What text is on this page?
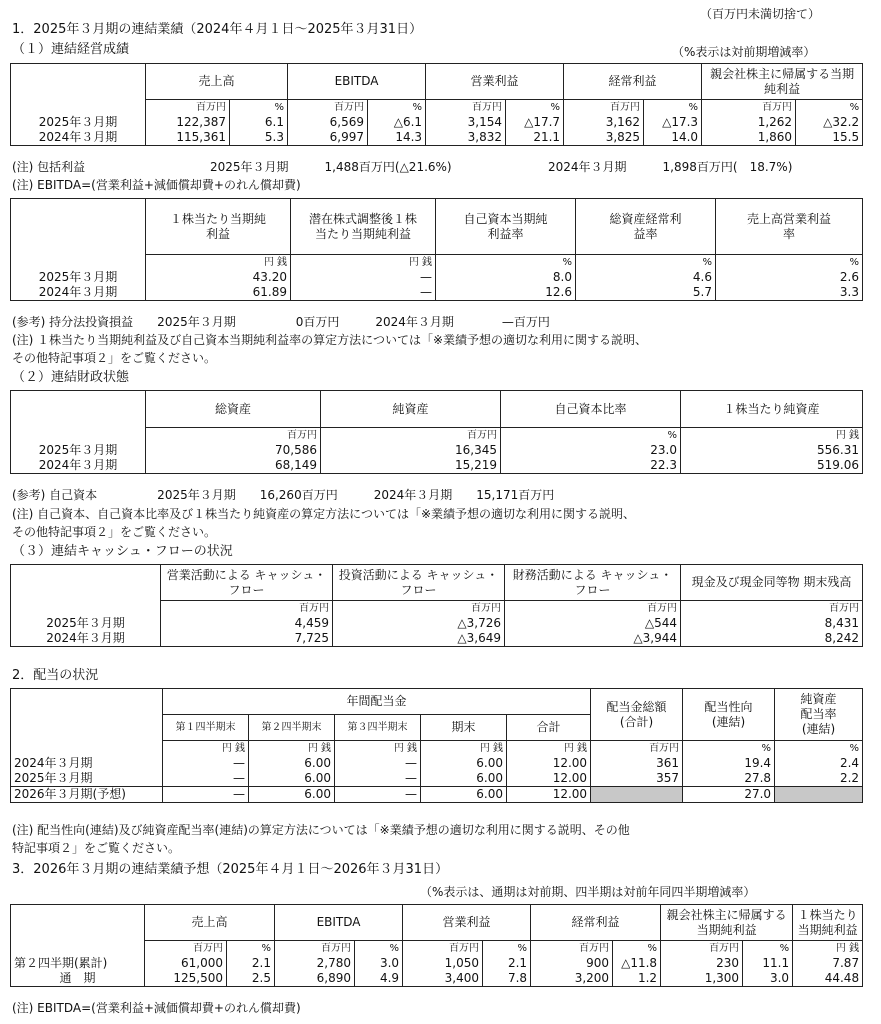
（百万円未満切捨て）
1．2025年３月期の連結業績（2024年４月１日～2025年３月31日）
（１）連結経営成績	（%表示は対前期増減率）
	売上高		EBITDA		営業利益		経常利益		親会社株主に帰属する当期純利益	
	百万円	%	百万円	%	百万円	%	百万円	%	百万円	%
2025年３月期	122,387	6.1	6,569	△6.1	3,154	△17.7	3,162	△17.3	1,262	△32.2
2024年３月期	115,361	5.3	6,997	14.3	3,832	21.1	3,825	14.0	1,860	15.5
(注) 包括利益	2025年３月期　　　1,488百万円(△21.6%)	2024年３月期　　　1,898百万円(　18.7%)
(注) EBITDA=(営業利益+減価償却費+のれん償却費)
	１株当たり当期純利益	潜在株式調整後１株当たり当期純利益	自己資本当期純利益率	総資産経常利益率	売上高営業利益率
	円 銭	円 銭	%	%	%
2025年３月期	43.20	—	8.0	4.6	2.6
2024年３月期	61.89	—	12.6	5.7	3.3
(参考) 持分法投資損益　　2025年３月期　　　　　0百万円　　　2024年３月期　　　　—百万円
(注) １株当たり当期純利益及び自己資本当期純利益率の算定方法については「※業績予想の適切な利用に関する説明、
その他特記事項２」をご覧ください。
（２）連結財政状態
	総資産	純資産	自己資本比率	１株当たり純資産
	百万円	百万円	%	円 銭
2025年３月期	70,586	16,345	23.0	556.31
2024年３月期	68,149	15,219	22.3	519.06
(参考) 自己資本　　　　　2025年３月期　　16,260百万円　　　2024年３月期　　15,171百万円
(注) 自己資本、自己資本比率及び１株当たり純資産の算定方法については「※業績予想の適切な利用に関する説明、
その他特記事項２」をご覧ください。
（３）連結キャッシュ・フローの状況
	営業活動による キャッシュ・フロー	投資活動による キャッシュ・フロー	財務活動による キャッシュ・フロー	現金及び現金同等物 期末残高
	百万円	百万円	百万円	百万円
2025年３月期	4,459	△3,726	△544	8,431
2024年３月期	7,725	△3,649	△3,944	8,242
2．配当の状況
	年間配当金					配当金総額 (合計)	配当性向 (連結)	純資産 配当率 (連結)
	第１四半期末	第２四半期末	第３四半期末	期末	合計			
	円 銭	円 銭	円 銭	円 銭	円 銭	百万円	%	%
2024年３月期	—	6.00	—	6.00	12.00	361	19.4	2.4
2025年３月期	—	6.00	—	6.00	12.00	357	27.8	2.2
2026年３月期(予想)	—	6.00	—	6.00	12.00		27.0	
(注) 配当性向(連結)及び純資産配当率(連結)の算定方法については「※業績予想の適切な利用に関する説明、その他
特記事項２」をご覧ください。
3．2026年３月期の連結業績予想（2025年４月１日～2026年３月31日）
（%表示は、通期は対前期、四半期は対前年同四半期増減率）
	売上高		EBITDA		営業利益		経常利益		親会社株主に帰属する当期純利益		１株当たり当期純利益
	百万円	%	百万円	%	百万円	%	百万円	%	百万円	%	円 銭
第２四半期(累計)	61,000	2.1	2,780	3.0	1,050	2.1	900	△11.8	230	11.1	7.87
通　期	125,500	2.5	6,890	4.9	3,400	7.8	3,200	1.2	1,300	3.0	44.48
(注) EBITDA=(営業利益+減価償却費+のれん償却費)
